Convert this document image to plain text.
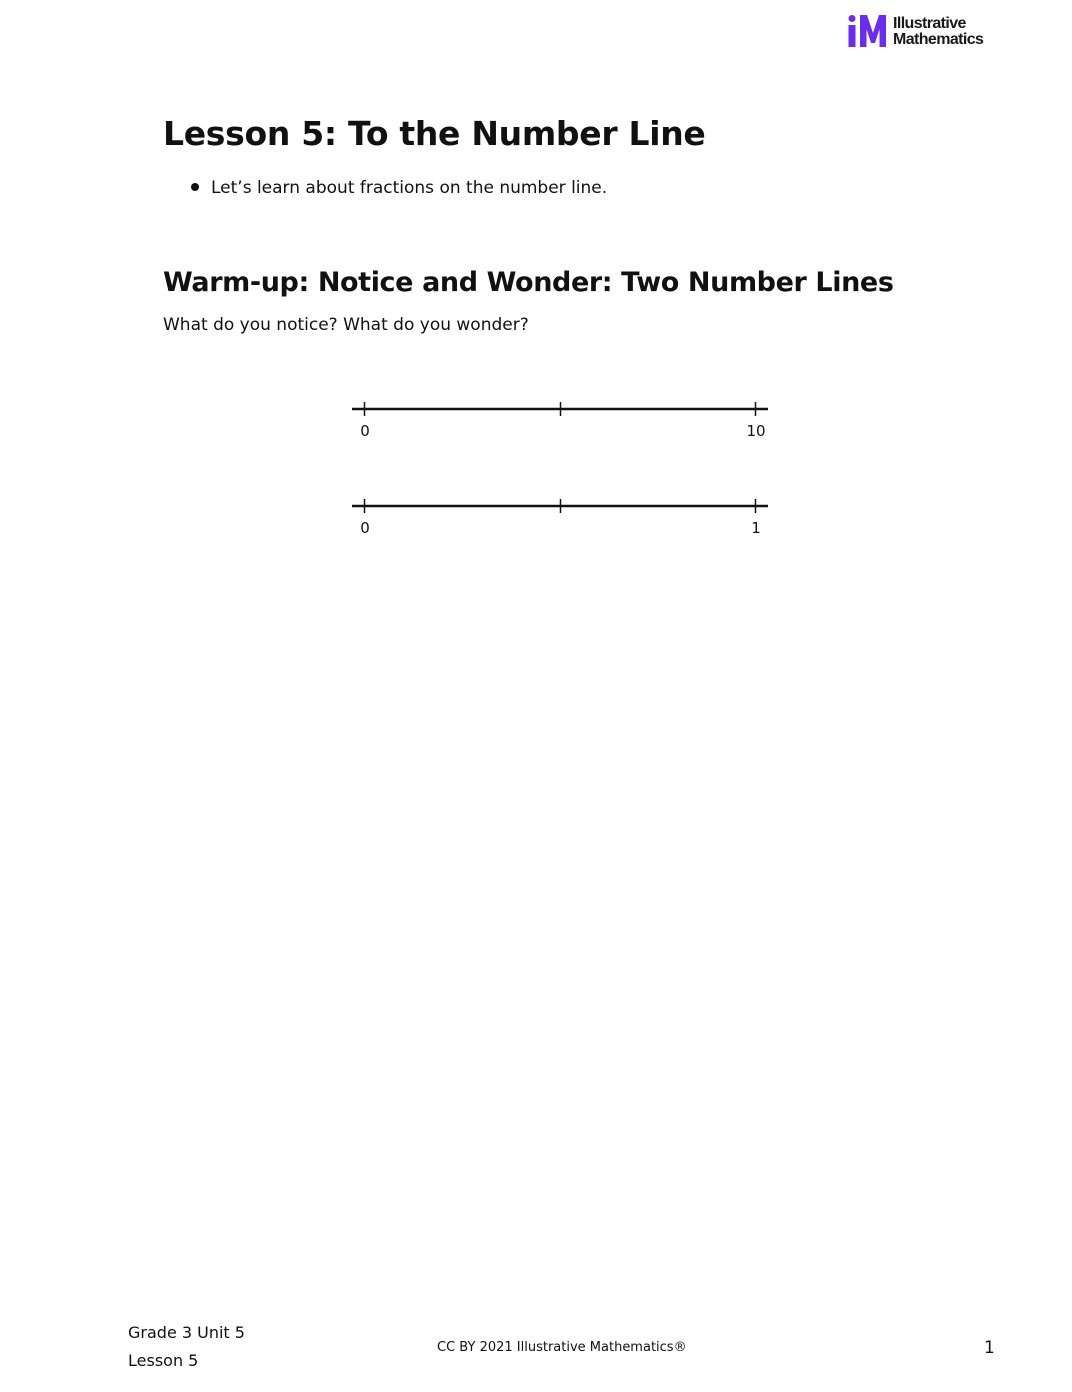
Illustrative
Mathematics
Lesson 5: To the Number Line
Let’s learn about fractions on the number line.
Warm-up: Notice and Wonder: Two Number Lines

What do you notice? What do you wonder?

0	10
0	1
Grade 3 Unit 5
Lesson 5
CC BY 2021 Illustrative Mathematics®	1
